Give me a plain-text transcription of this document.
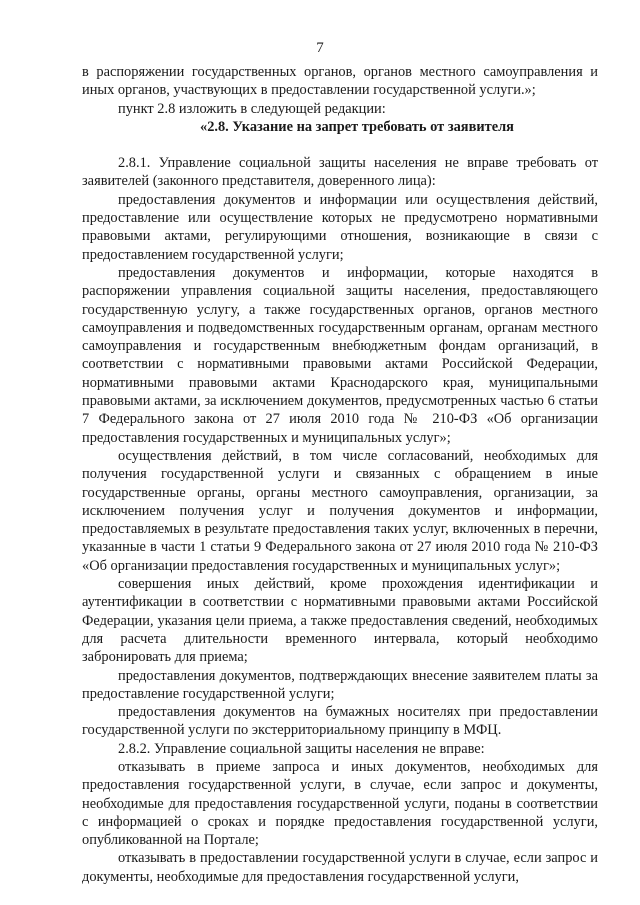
7

в распоряжении государственных органов, органов местного самоуправления и иных органов, участвующих в предоставлении государственной услуги.»;

пункт 2.8 изложить в следующей редакции:

«2.8. Указание на запрет требовать от заявителя

2.8.1. Управление социальной защиты населения не вправе требовать от заявителей (законного представителя, доверенного лица):

предоставления документов и информации или осуществления действий, предоставление или осуществление которых не предусмотрено нормативными правовыми актами, регулирующими отношения, возникающие в связи с предоставлением государственной услуги;

предоставления документов и информации, которые находятся в распоряжении управления социальной защиты населения, предоставляющего государственную услугу, а также государственных органов, органов местного самоуправления и подведомственных государственным органам, органам местного самоуправления и государственным внебюджетным фондам организаций, в соответствии с нормативными правовыми актами Российской Федерации, нормативными правовыми актами Краснодарского края, муниципальными правовыми актами, за исключением документов, предусмотренных частью 6 статьи 7 Федерального закона от 27 июля 2010 года № 210-ФЗ «Об организации предоставления государственных и муниципальных услуг»;

осуществления действий, в том числе согласований, необходимых для получения государственной услуги и связанных с обращением в иные государственные органы, органы местного самоуправления, организации, за исключением получения услуг и получения документов и информации, предоставляемых в результате предоставления таких услуг, включенных в перечни, указанные в части 1 статьи 9 Федерального закона от 27 июля 2010 года № 210-ФЗ «Об организации предоставления государственных и муниципальных услуг»;

совершения иных действий, кроме прохождения идентификации и аутентификации в соответствии с нормативными правовыми актами Российской Федерации, указания цели приема, а также предоставления сведений, необходимых для расчета длительности временного интервала, который необходимо забронировать для приема;

предоставления документов, подтверждающих внесение заявителем платы за предоставление государственной услуги;

предоставления документов на бумажных носителях при предоставлении государственной услуги по экстерриториальному принципу в МФЦ.

2.8.2. Управление социальной защиты населения не вправе:

отказывать в приеме запроса и иных документов, необходимых для предоставления государственной услуги, в случае, если запрос и документы, необходимые для предоставления государственной услуги, поданы в соответствии с информацией о сроках и порядке предоставления государственной услуги, опубликованной на Портале;

отказывать в предоставлении государственной услуги в случае, если запрос и документы, необходимые для предоставления государственной услуги,
